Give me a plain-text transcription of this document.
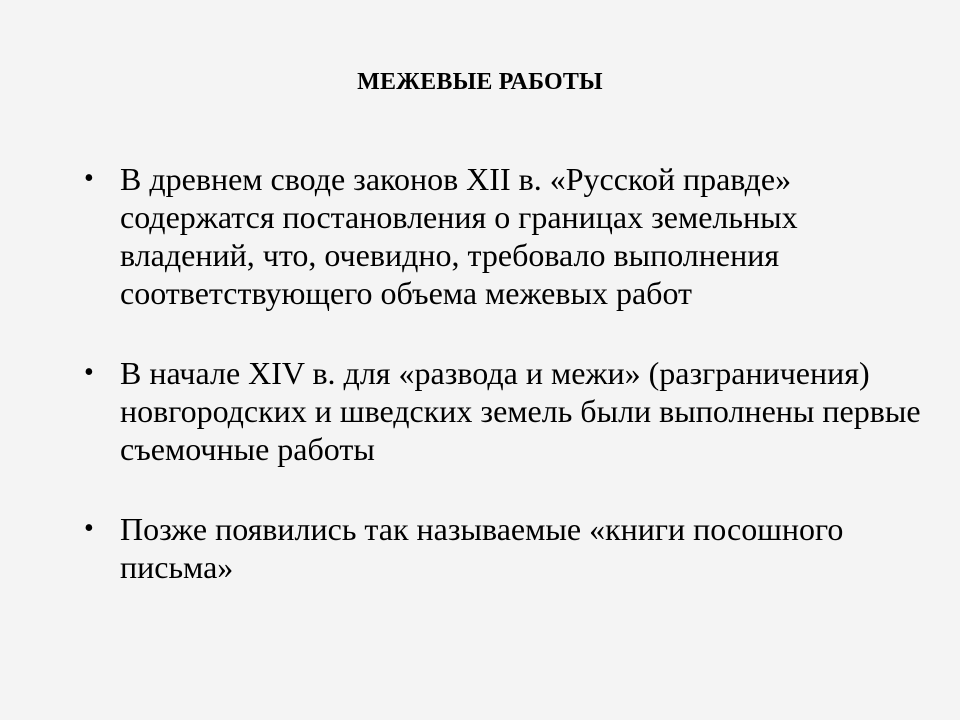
МЕЖЕВЫЕ РАБОТЫ
• В древнем своде законов XII в. «Русской правде» содержатся постановления о границах земельных владений, что, очевидно, требовало выполнения соответствующего объема межевых работ
• В начале XIV в. для «развода и межи» (разграничения) новгородских и шведских земель были выполнены первые съемочные работы
• Позже появились так называемые «книги посошного письма»
